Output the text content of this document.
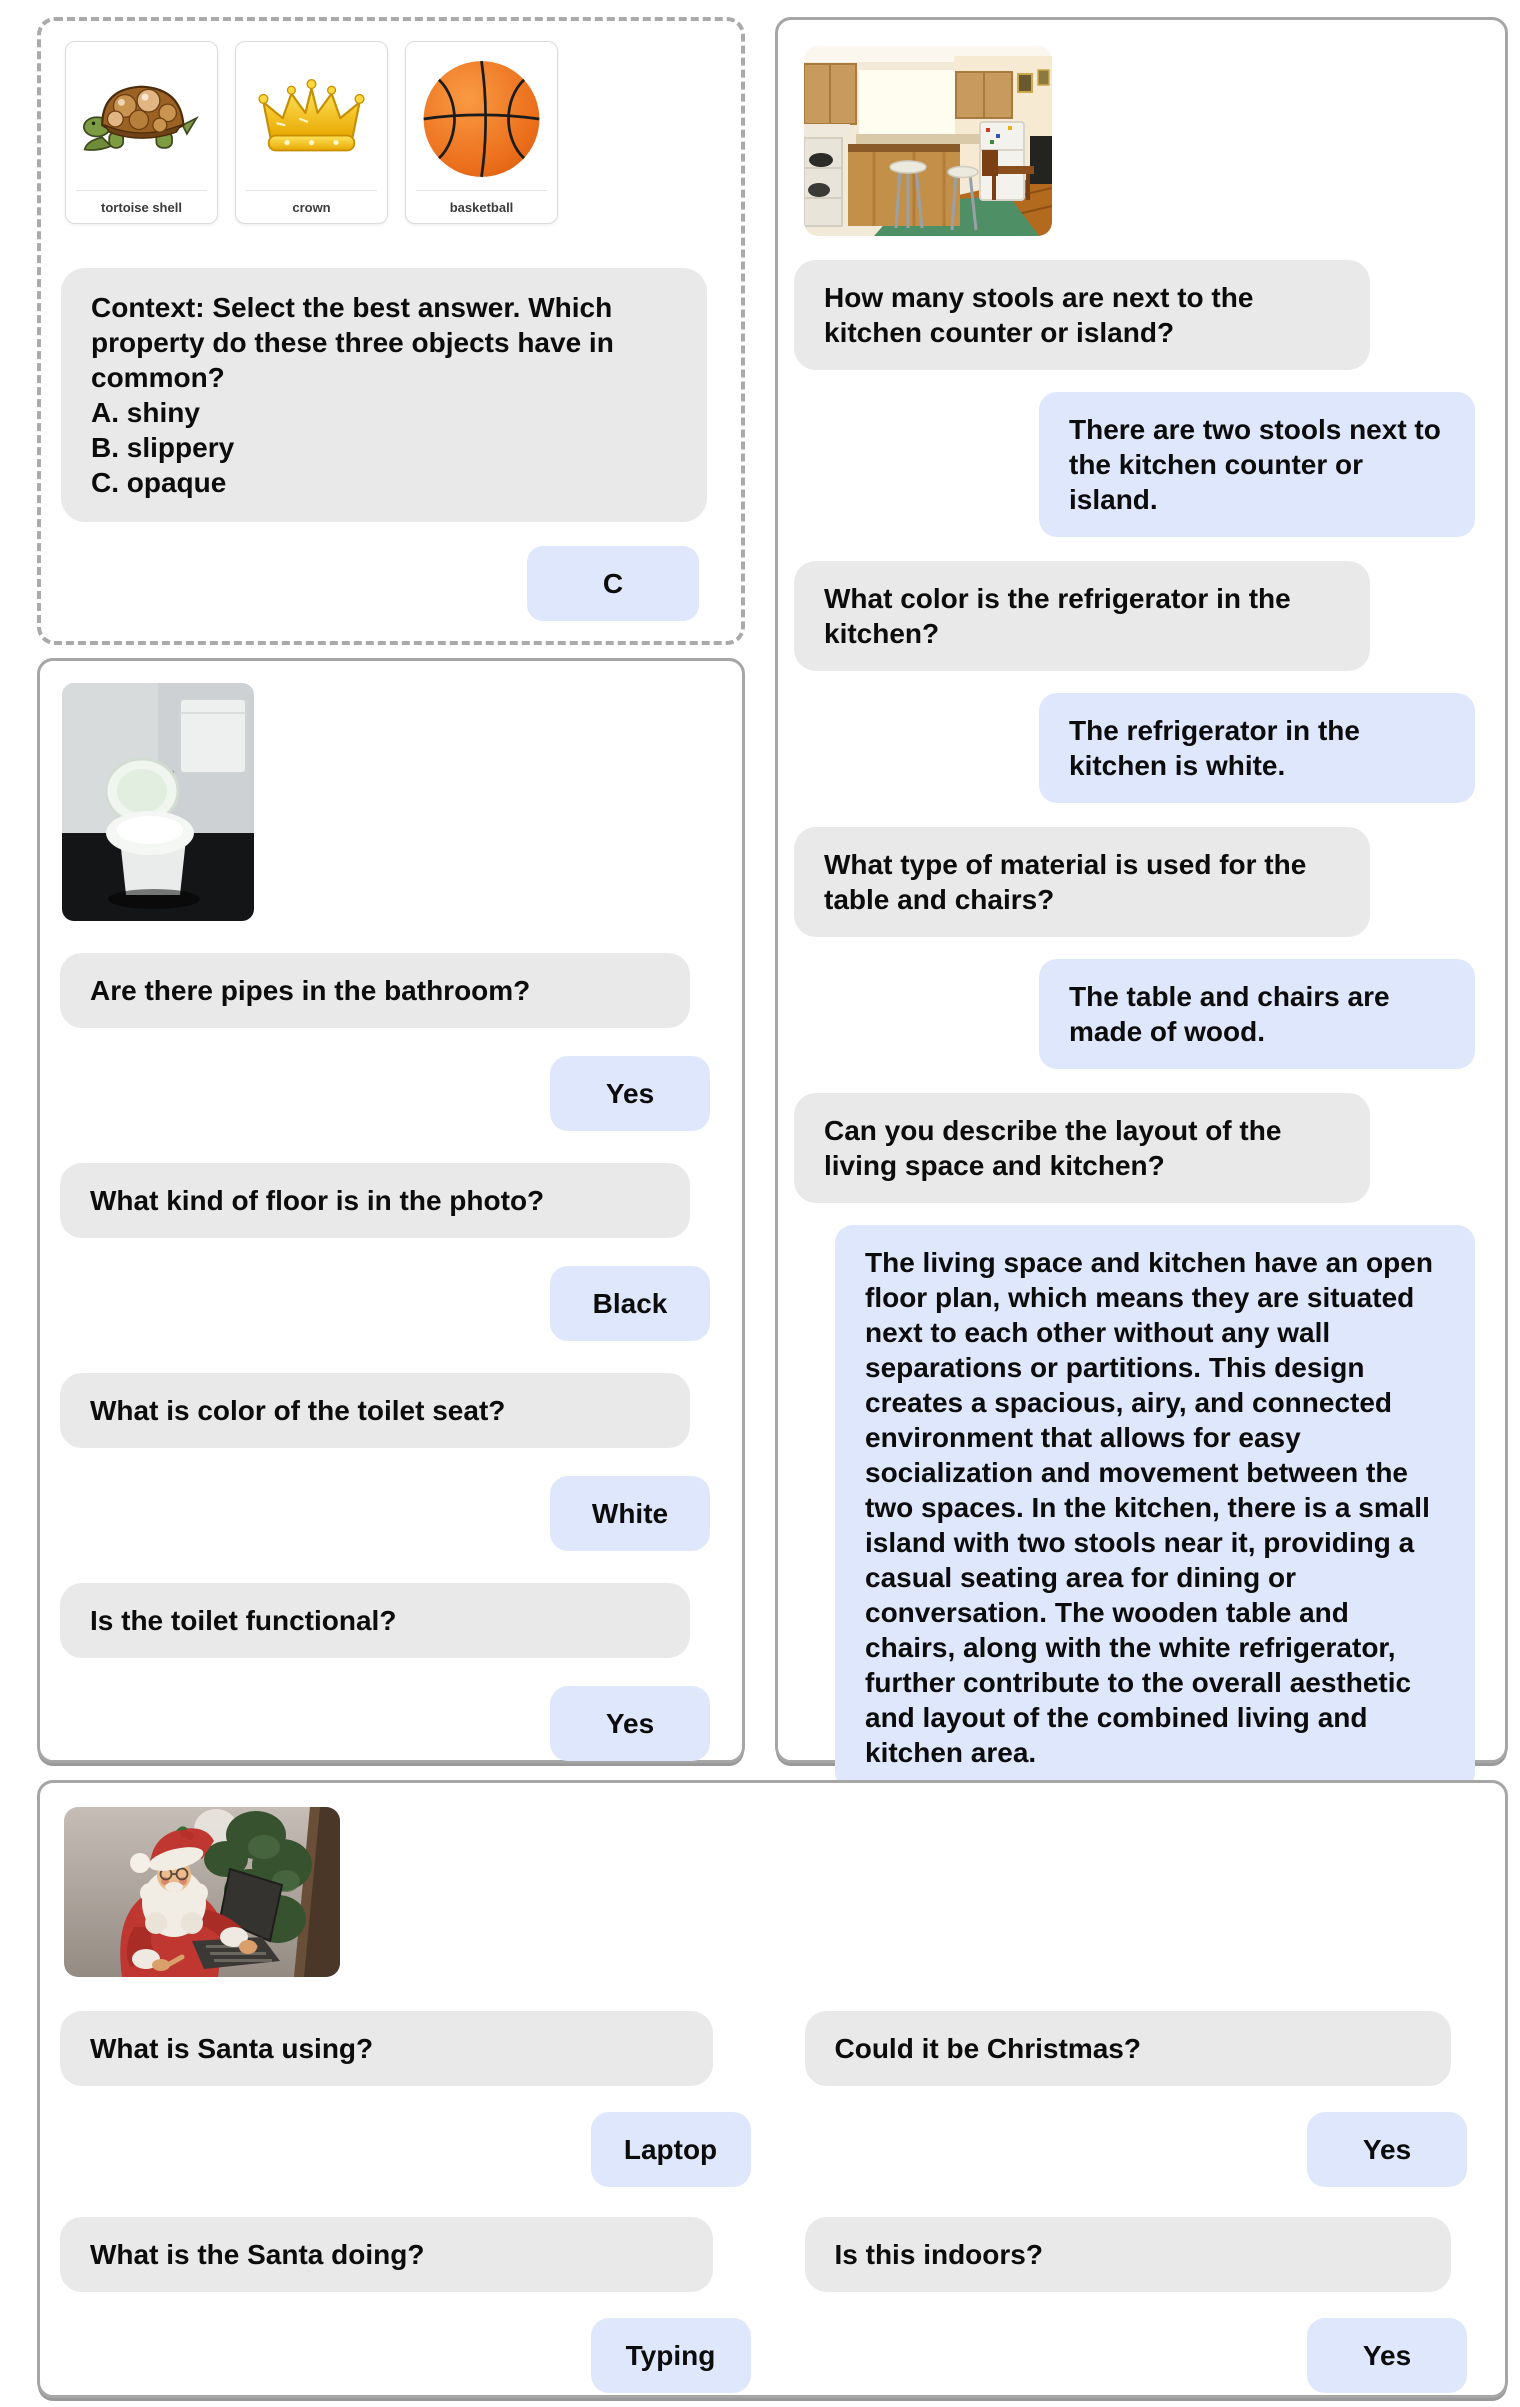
tortoise shell	crown	basketball
Context: Select the best answer. Which property do these three objects have in common?
A. shiny
B. slippery
C. opaque
C
Are there pipes in the bathroom?
Yes
What kind of floor is in the photo?
Black
What is color of the toilet seat?
White
Is the toilet functional?
Yes
How many stools are next to the kitchen counter or island?
There are two stools next to the kitchen counter or island.
What color is the refrigerator in the kitchen?
The refrigerator in the kitchen is white.
What type of material is used for the table and chairs?
The table and chairs are made of wood.
Can you describe the layout of the living space and kitchen?
The living space and kitchen have an open floor plan, which means they are situated next to each other without any wall separations or partitions. This design creates a spacious, airy, and connected environment that allows for easy socialization and movement between the two spaces. In the kitchen, there is a small island with two stools near it, providing a casual seating area for dining or conversation. The wooden table and chairs, along with the white refrigerator, further contribute to the overall aesthetic and layout of the combined living and kitchen area.
What is Santa using?
Laptop
What is the Santa doing?
Typing
Could it be Christmas?
Yes
Is this indoors?
Yes
